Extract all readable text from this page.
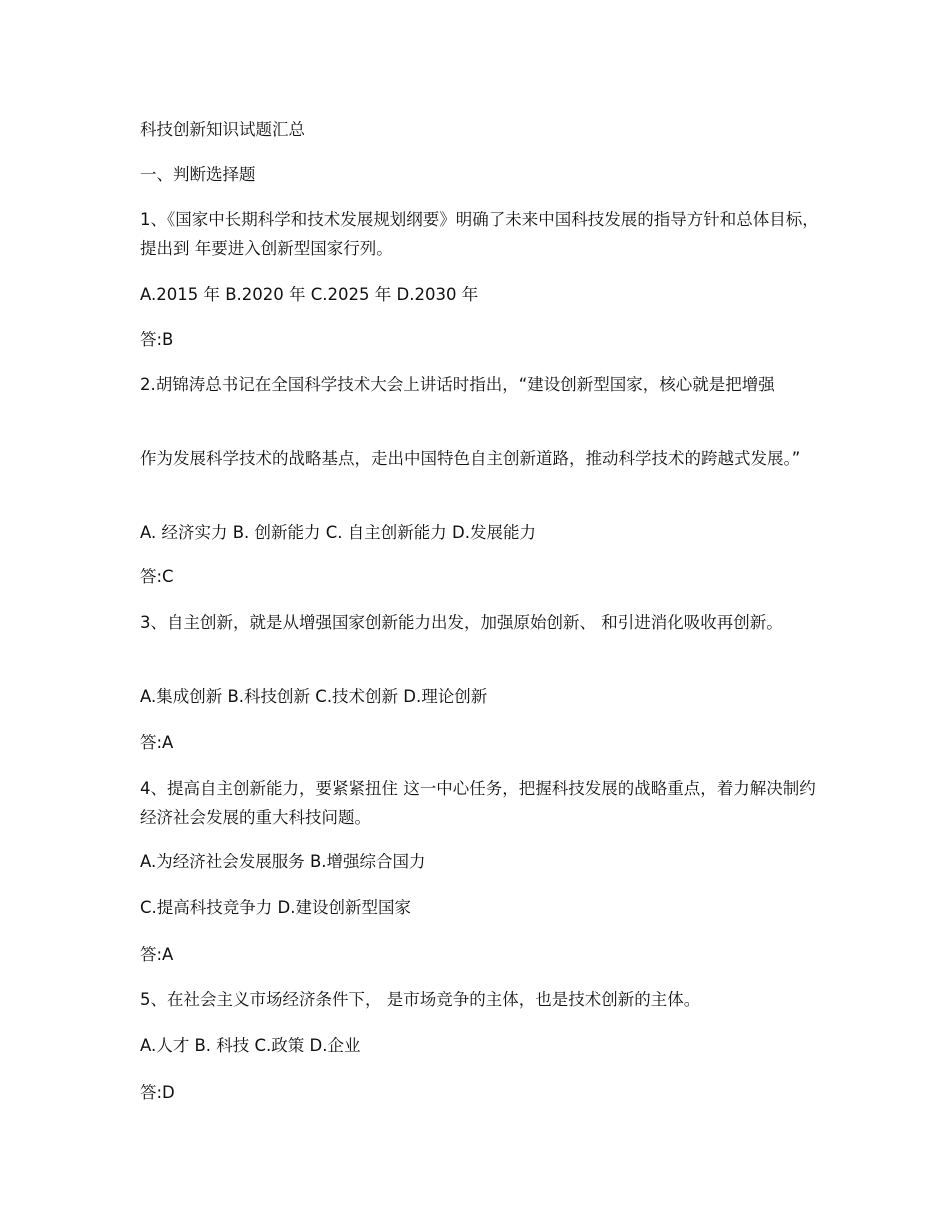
科技创新知识试题汇总

一、判断选择题

1、《国家中长期科学和技术发展规划纲要》明确了未来中国科技发展的指导方针和总体目标，提出到 年要进入创新型国家行列。

A.2015 年 B.2020 年 C.2025 年 D.2030 年

答:B

2.胡锦涛总书记在全国科学技术大会上讲话时指出，“建设创新型国家，核心就是把增强

作为发展科学技术的战略基点，走出中国特色自主创新道路，推动科学技术的跨越式发展。”

A. 经济实力 B. 创新能力 C. 自主创新能力 D.发展能力

答:C

3、自主创新，就是从增强国家创新能力出发，加强原始创新、 和引进消化吸收再创新。

A.集成创新 B.科技创新 C.技术创新 D.理论创新

答:A

4、提高自主创新能力，要紧紧扭住 这一中心任务，把握科技发展的战略重点，着力解决制约经济社会发展的重大科技问题。

A.为经济社会发展服务 B.增强综合国力

C.提高科技竞争力 D.建设创新型国家

答:A

5、在社会主义市场经济条件下， 是市场竞争的主体，也是技术创新的主体。

A.人才 B. 科技 C.政策 D.企业

答:D
